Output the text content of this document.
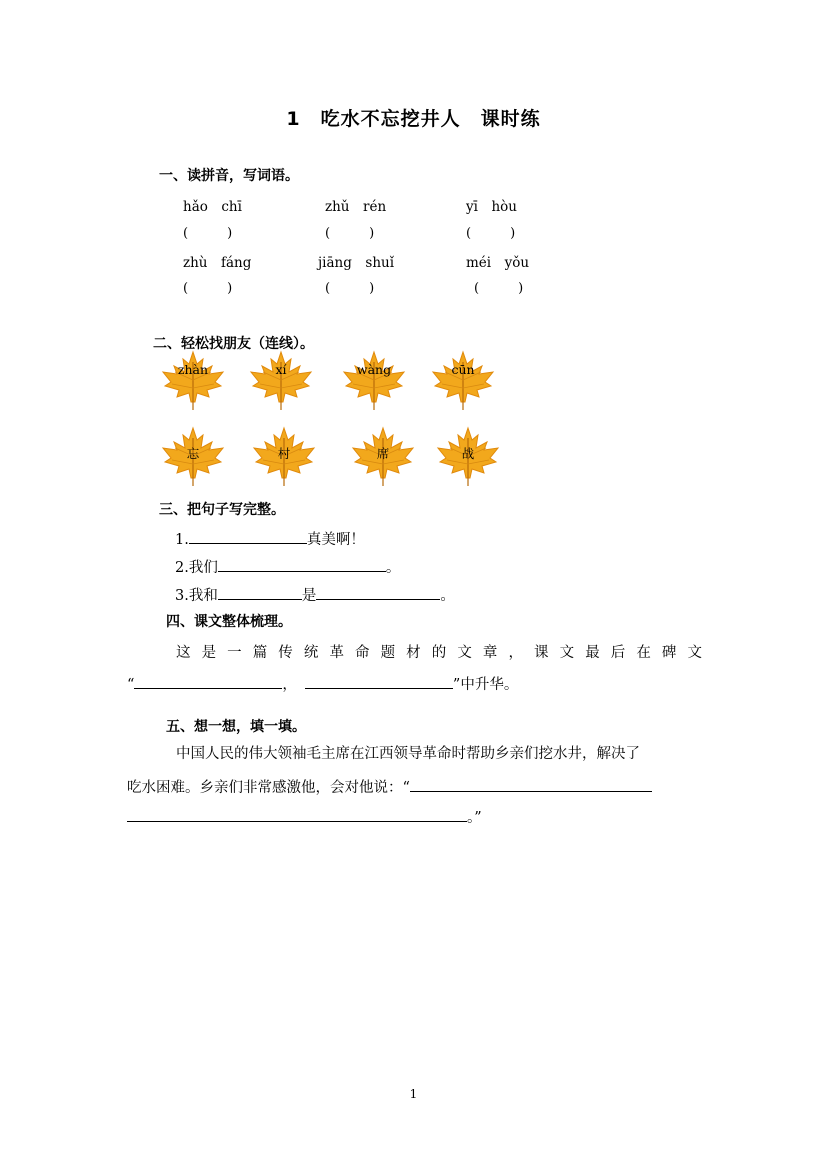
1　吃水不忘挖井人　课时练
一、读拼音，写词语。
hǎo　chī	zhǔ　rén	yī　hòu
(　　　)	(　　　)	(　　　)
zhù　fáng	jiāng　shuǐ	méi　yǒu
(　　　)	(　　　)	(　　　)
二、轻松找朋友（连线）。
zhàn	xí	wàng	cūn
忘	村	席	战
三、把句子写完整。
1.	真美啊！
2.我们	。
3.我和	是	。
四、课文整体梳理。
这是一篇传统革命题材的文章，课文最后在碑文
“	，	”中升华。
五、想一想，填一填。
中国人民的伟大领袖毛主席在江西领导革命时帮助乡亲们挖水井，解决了
吃水困难。乡亲们非常感激他，会对他说：“
。”
1
